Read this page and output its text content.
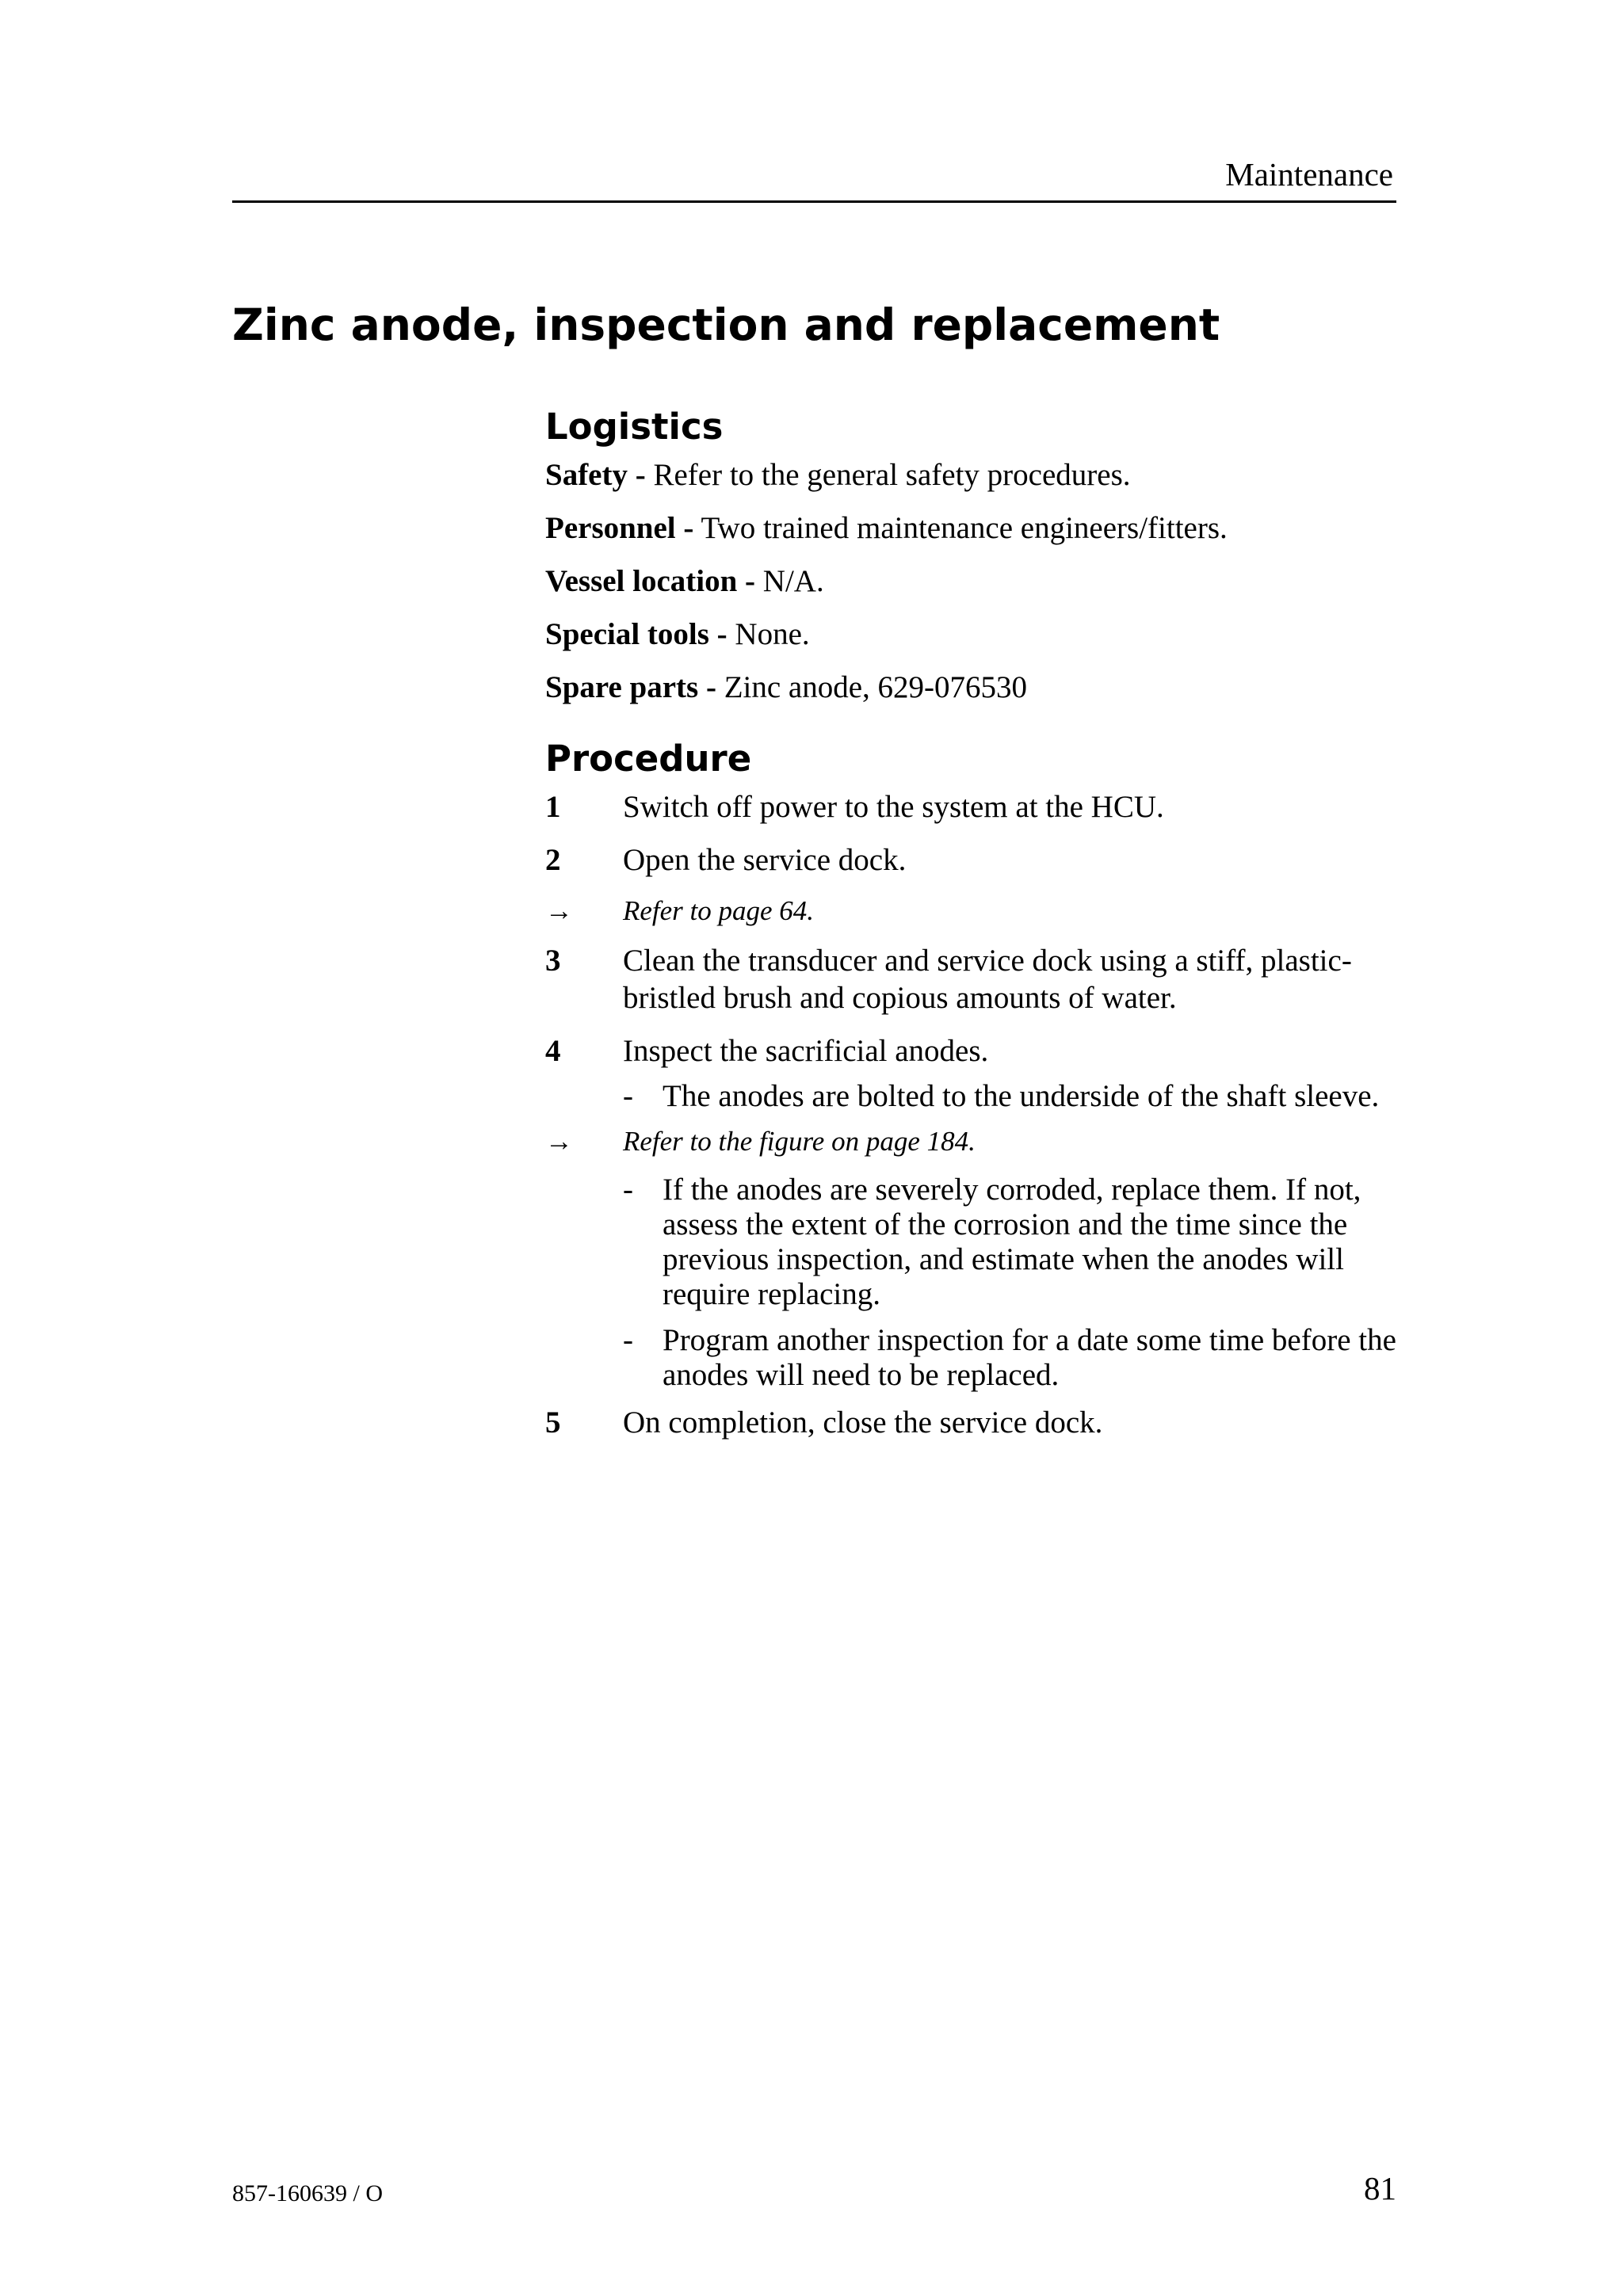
Maintenance
Zinc anode, inspection and replacement
Logistics
Safety - Refer to the general safety procedures.
Personnel - Two trained maintenance engineers/fitters.
Vessel location - N/A.
Special tools - None.
Spare parts - Zinc anode, 629-076530
Procedure
1 Switch off power to the system at the HCU.
2 Open the service dock.
→ Refer to page 64.
3 Clean the transducer and service dock using a stiff, plastic-bristled brush and copious amounts of water.
4 Inspect the sacrificial anodes.
- The anodes are bolted to the underside of the shaft sleeve.
→ Refer to the figure on page 184.
- If the anodes are severely corroded, replace them. If not, assess the extent of the corrosion and the time since the previous inspection, and estimate when the anodes will require replacing.
- Program another inspection for a date some time before the anodes will need to be replaced.
5 On completion, close the service dock.
857-160639 / O	81
